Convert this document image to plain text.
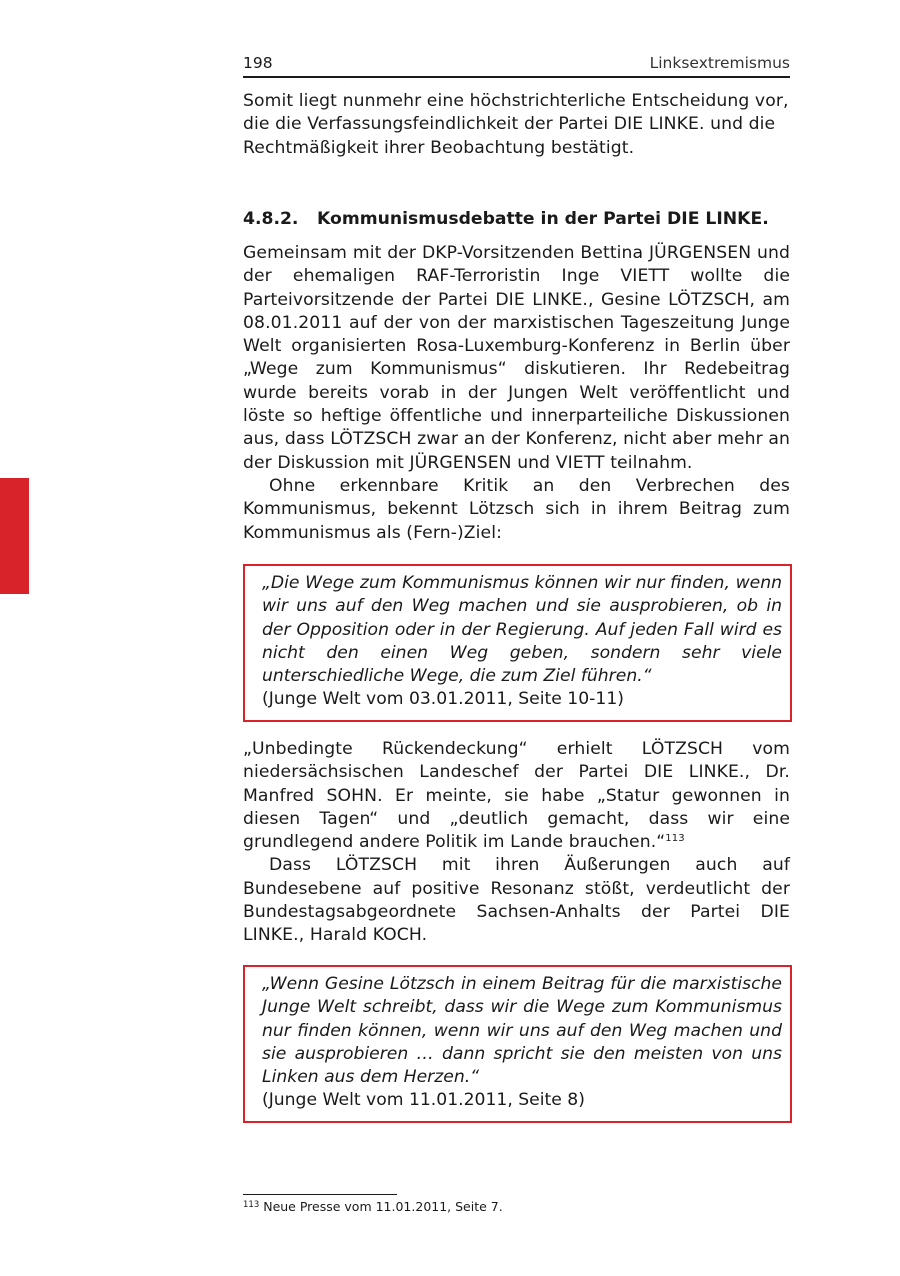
198	Linksextremismus

Somit liegt nunmehr eine höchstrichterliche Entscheidung vor, die die Verfassungsfeindlichkeit der Partei DIE LINKE. und die Rechtmäßigkeit ihrer Beobachtung bestätigt.

4.8.2. Kommunismusdebatte in der Partei DIE LINKE.

Gemeinsam mit der DKP-Vorsitzenden Bettina JÜRGENSEN und der ehemaligen RAF-Terroristin Inge VIETT wollte die Parteivorsitzende der Partei DIE LINKE., Gesine LÖTZSCH, am 08.01.2011 auf der von der marxistischen Tageszeitung Junge Welt organisierten Rosa-Luxemburg-Konferenz in Berlin über „Wege zum Kommunismus“ diskutieren. Ihr Redebeitrag wurde bereits vorab in der Jungen Welt veröffentlicht und löste so heftige öffentliche und innerparteiliche Diskussionen aus, dass LÖTZSCH zwar an der Konferenz, nicht aber mehr an der Diskussion mit JÜRGENSEN und VIETT teilnahm.

Ohne erkennbare Kritik an den Verbrechen des Kommunismus, bekennt Lötzsch sich in ihrem Beitrag zum Kommunismus als (Fern-)Ziel:

„Die Wege zum Kommunismus können wir nur finden, wenn wir uns auf den Weg machen und sie ausprobieren, ob in der Opposition oder in der Regierung. Auf jeden Fall wird es nicht den einen Weg geben, sondern sehr viele unterschiedliche Wege, die zum Ziel führen.“

(Junge Welt vom 03.01.2011, Seite 10-11)

„Unbedingte Rückendeckung“ erhielt LÖTZSCH vom niedersächsischen Landeschef der Partei DIE LINKE., Dr. Manfred SOHN. Er meinte, sie habe „Statur gewonnen in diesen Tagen“ und „deutlich gemacht, dass wir eine grundlegend andere Politik im Lande brauchen.“$^{113}$

Dass LÖTZSCH mit ihren Äußerungen auch auf Bundesebene auf positive Resonanz stößt, verdeutlicht der Bundestagsabgeordnete Sachsen-Anhalts der Partei DIE LINKE., Harald KOCH.

„Wenn Gesine Lötzsch in einem Beitrag für die marxistische Junge Welt schreibt, dass wir die Wege zum Kommunismus nur finden können, wenn wir uns auf den Weg machen und sie ausprobieren … dann spricht sie den meisten von uns Linken aus dem Herzen.“

(Junge Welt vom 11.01.2011, Seite 8)

$^{113}$ Neue Presse vom 11.01.2011, Seite 7.
